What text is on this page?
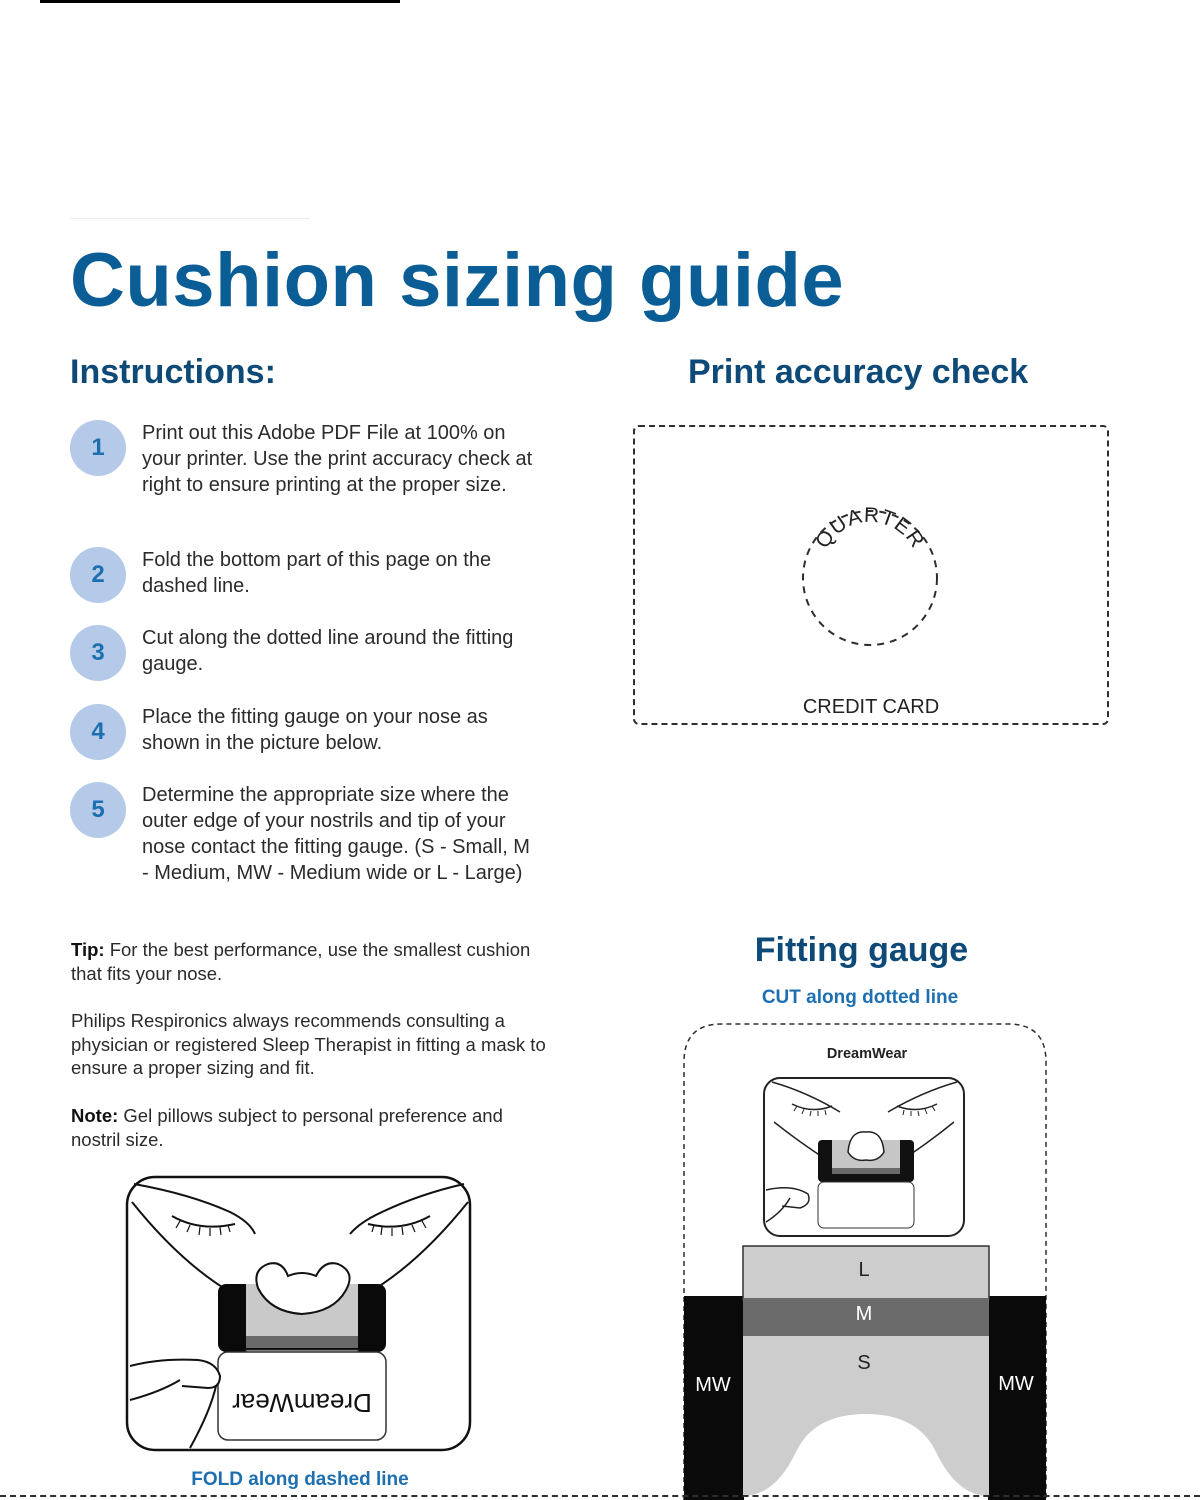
Cushion sizing guide
Instructions:	Print accuracy check
1
Print out this Adobe PDF File at 100% on your printer. Use the print accuracy check at right to ensure printing at the proper size.
2
Fold the bottom part of this page on the dashed line.
3
Cut along the dotted line around the fitting gauge.
4
Place the fitting gauge on your nose as shown in the picture below.
5
Determine the appropriate size where the outer edge of your nostrils and tip of your nose contact the fitting gauge. (S - Small, M - Medium, MW - Medium wide or L - Large)
Tip: For the best performance, use the smallest cushion that fits your nose.
Philips Respironics always recommends consulting a physician or registered Sleep Therapist in fitting a mask to ensure a proper sizing and fit.
Note: Gel pillows subject to personal preference and nostril size.
QUARTER
CREDIT CARD
Fitting gauge
CUT along dotted line
DreamWear
L
M
S
MW	MW
DreamWear
FOLD along dashed line
